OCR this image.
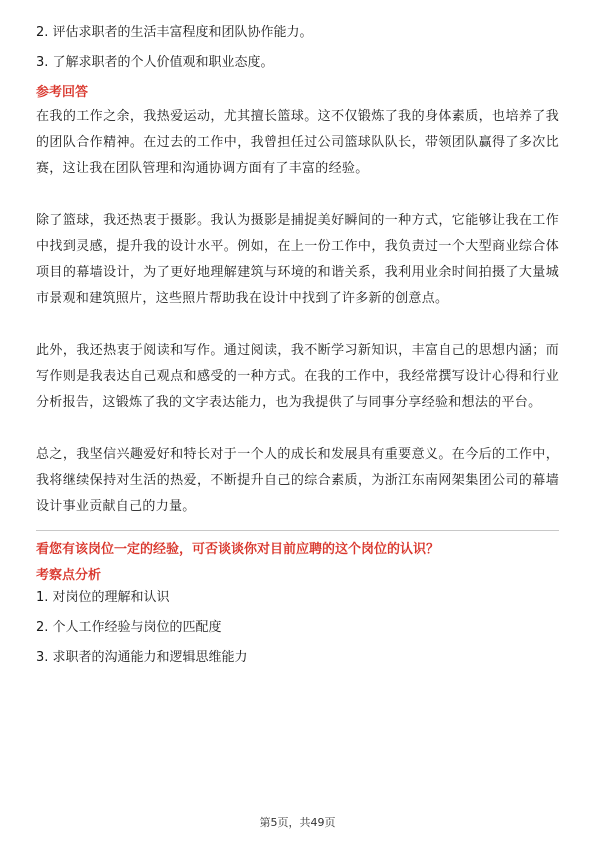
2. 评估求职者的生活丰富程度和团队协作能力。
3. 了解求职者的个人价值观和职业态度。
参考回答
在我的工作之余，我热爱运动，尤其擅长篮球。这不仅锻炼了我的身体素质，也培养了我的团队合作精神。在过去的工作中，我曾担任过公司篮球队队长，带领团队赢得了多次比赛，这让我在团队管理和沟通协调方面有了丰富的经验。
除了篮球，我还热衷于摄影。我认为摄影是捕捉美好瞬间的一种方式，它能够让我在工作中找到灵感，提升我的设计水平。例如，在上一份工作中，我负责过一个大型商业综合体项目的幕墙设计，为了更好地理解建筑与环境的和谐关系，我利用业余时间拍摄了大量城市景观和建筑照片，这些照片帮助我在设计中找到了许多新的创意点。
此外，我还热衷于阅读和写作。通过阅读，我不断学习新知识，丰富自己的思想内涵；而写作则是我表达自己观点和感受的一种方式。在我的工作中，我经常撰写设计心得和行业分析报告，这锻炼了我的文字表达能力，也为我提供了与同事分享经验和想法的平台。
总之，我坚信兴趣爱好和特长对于一个人的成长和发展具有重要意义。在今后的工作中，我将继续保持对生活的热爱，不断提升自己的综合素质，为浙江东南网架集团公司的幕墙设计事业贡献自己的力量。
看您有该岗位一定的经验，可否谈谈你对目前应聘的这个岗位的认识？
考察点分析
1. 对岗位的理解和认识
2. 个人工作经验与岗位的匹配度
3. 求职者的沟通能力和逻辑思维能力
第5页，共49页
